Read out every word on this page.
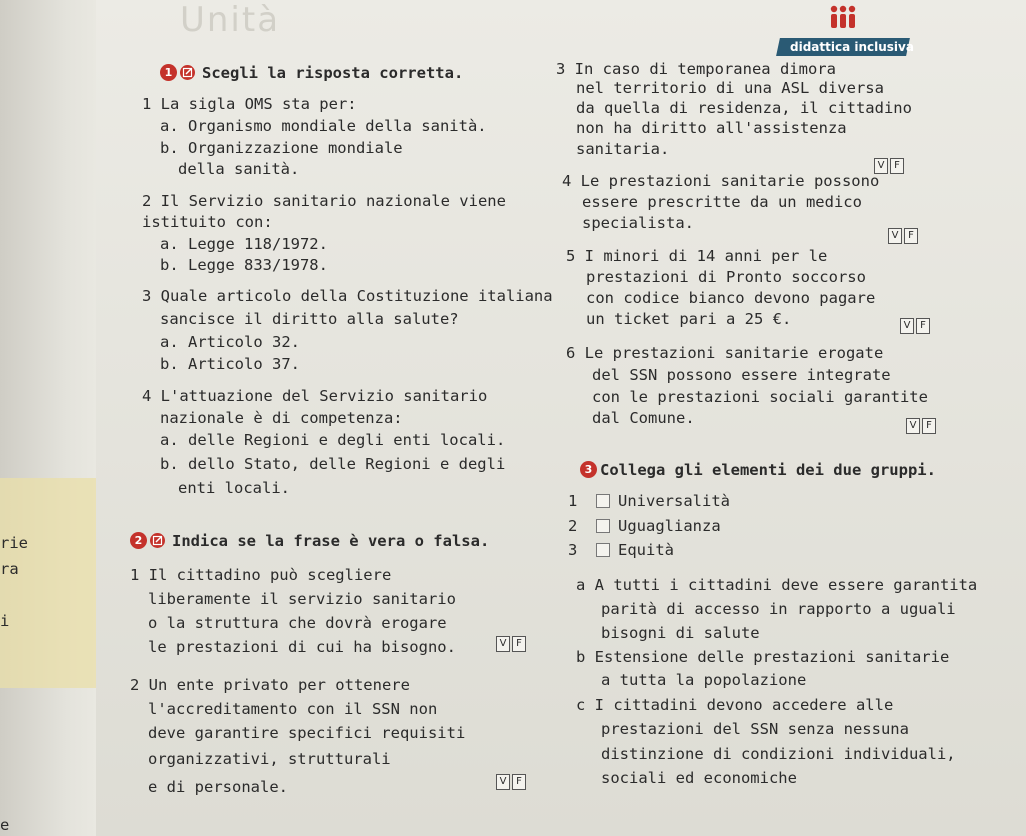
Unità
didattica inclusiva
rie
ra
i
e
1	Scegli la risposta corretta.
1 La sigla OMS sta per:
a. Organismo mondiale della sanità.
b. Organizzazione mondiale
della sanità.
2 Il Servizio sanitario nazionale viene
istituito con:
a. Legge 118/1972.
b. Legge 833/1978.
3 Quale articolo della Costituzione italiana
sancisce il diritto alla salute?
a. Articolo 32.
b. Articolo 37.
4 L'attuazione del Servizio sanitario
nazionale è di competenza:
a. delle Regioni e degli enti locali.
b. dello Stato, delle Regioni e degli
enti locali.
2	Indica se la frase è vera o falsa.
1 Il cittadino può scegliere
liberamente il servizio sanitario
o la struttura che dovrà erogare
le prestazioni di cui ha bisogno.	V F
2 Un ente privato per ottenere
l'accreditamento con il SSN non
deve garantire specifici requisiti
organizzativi, strutturali
e di personale.	V F
3 In caso di temporanea dimora
nel territorio di una ASL diversa
da quella di residenza, il cittadino
non ha diritto all'assistenza
sanitaria.
V F
4 Le prestazioni sanitarie possono
essere prescritte da un medico
specialista.
V F
5 I minori di 14 anni per le
prestazioni di Pronto soccorso
con codice bianco devono pagare
un ticket pari a 25 €.	V F
6 Le prestazioni sanitarie erogate
del SSN possono essere integrate
con le prestazioni sociali garantite
dal Comune.	V F
3 Collega gli elementi dei due gruppi.
1	Universalità
2	Uguaglianza
3	Equità
a A tutti i cittadini deve essere garantita
parità di accesso in rapporto a uguali
bisogni di salute
b Estensione delle prestazioni sanitarie
a tutta la popolazione
c I cittadini devono accedere alle
prestazioni del SSN senza nessuna
distinzione di condizioni individuali,
sociali ed economiche
